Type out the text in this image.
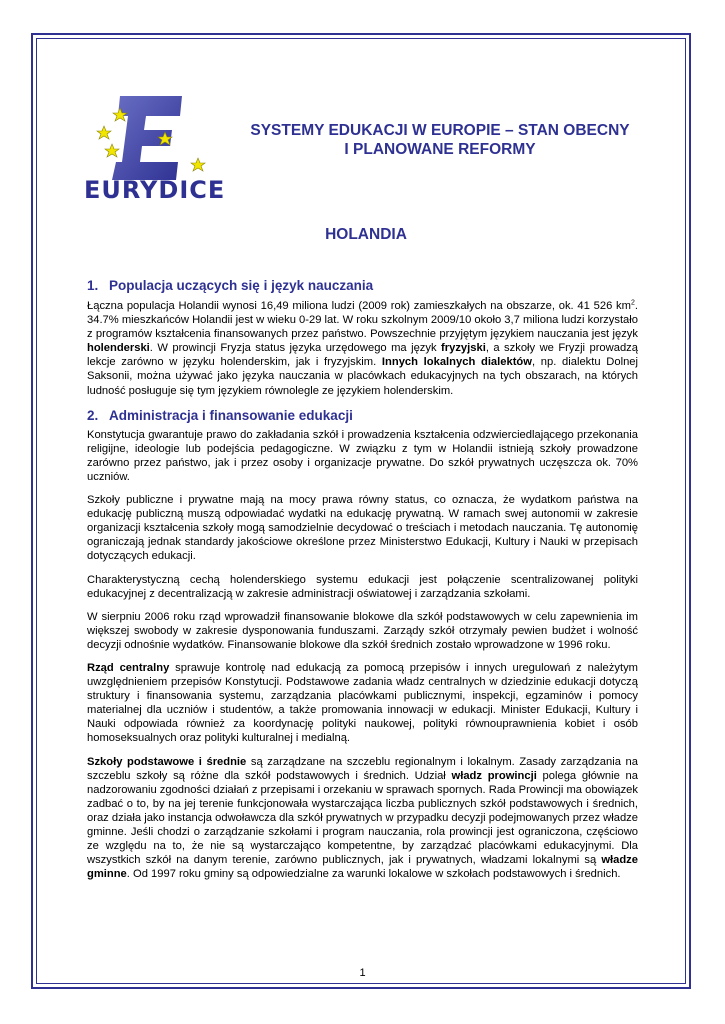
EURYDICE
SYSTEMY EDUKACJI W EUROPIE – STAN OBECNY I PLANOWANE REFORMY
HOLANDIA
1. Populacja uczących się i język nauczania

Łączna populacja Holandii wynosi 16,49 miliona ludzi (2009 rok) zamieszkałych na obszarze, ok. 41 526 $km^2$. 34.7% mieszkańców Holandii jest w wieku 0-29 lat. W roku szkolnym 2009/10 około 3,7 miliona ludzi korzystało z programów kształcenia finansowanych przez państwo. Powszechnie przyjętym językiem nauczania jest język holenderski. W prowincji Fryzja status języka urzędowego ma język fryzyjski, a szkoły we Fryzji prowadzą lekcje zarówno w języku holenderskim, jak i fryzyjskim. Innych lokalnych dialektów, np. dialektu Dolnej Saksonii, można używać jako języka nauczania w placówkach edukacyjnych na tych obszarach, na których ludność posługuje się tym językiem równolegle ze językiem holenderskim.

2. Administracja i finansowanie edukacji

Konstytucja gwarantuje prawo do zakładania szkół i prowadzenia kształcenia odzwierciedlającego przekonania religijne, ideologie lub podejścia pedagogiczne. W związku z tym w Holandii istnieją szkoły prowadzone zarówno przez państwo, jak i przez osoby i organizacje prywatne. Do szkół prywatnych uczęszcza ok. 70% uczniów.

Szkoły publiczne i prywatne mają na mocy prawa równy status, co oznacza, że wydatkom państwa na edukację publiczną muszą odpowiadać wydatki na edukację prywatną. W ramach swej autonomii w zakresie organizacji kształcenia szkoły mogą samodzielnie decydować o treściach i metodach nauczania. Tę autonomię ograniczają jednak standardy jakościowe określone przez Ministerstwo Edukacji, Kultury i Nauki w przepisach dotyczących edukacji.

Charakterystyczną cechą holenderskiego systemu edukacji jest połączenie scentralizowanej polityki edukacyjnej z decentralizacją w zakresie administracji oświatowej i zarządzania szkołami.

W sierpniu 2006 roku rząd wprowadził finansowanie blokowe dla szkół podstawowych w celu zapewnienia im większej swobody w zakresie dysponowania funduszami. Zarządy szkół otrzymały pewien budżet i wolność decyzji odnośnie wydatków. Finansowanie blokowe dla szkół średnich zostało wprowadzone w 1996 roku.

Rząd centralny sprawuje kontrolę nad edukacją za pomocą przepisów i innych uregulowań z należytym uwzględnieniem przepisów Konstytucji. Podstawowe zadania władz centralnych w dziedzinie edukacji dotyczą struktury i finansowania systemu, zarządzania placówkami publicznymi, inspekcji, egzaminów i pomocy materialnej dla uczniów i studentów, a także promowania innowacji w edukacji. Minister Edukacji, Kultury i Nauki odpowiada również za koordynację polityki naukowej, polityki równouprawnienia kobiet i osób homoseksualnych oraz polityki kulturalnej i medialną.

Szkoły podstawowe i średnie są zarządzane na szczeblu regionalnym i lokalnym. Zasady zarządzania na szczeblu szkoły są różne dla szkół podstawowych i średnich. Udział władz prowincji polega głównie na nadzorowaniu zgodności działań z przepisami i orzekaniu w sprawach spornych. Rada Prowincji ma obowiązek zadbać o to, by na jej terenie funkcjonowała wystarczająca liczba publicznych szkół podstawowych i średnich, oraz działa jako instancja odwoławcza dla szkół prywatnych w przypadku decyzji podejmowanych przez władze gminne. Jeśli chodzi o zarządzanie szkołami i program nauczania, rola prowincji jest ograniczona, częściowo ze względu na to, że nie są wystarczająco kompetentne, by zarządzać placówkami edukacyjnymi. Dla wszystkich szkół na danym terenie, zarówno publicznych, jak i prywatnych, władzami lokalnymi są władze gminne. Od 1997 roku gminy są odpowiedzialne za warunki lokalowe w szkołach podstawowych i średnich.

1
